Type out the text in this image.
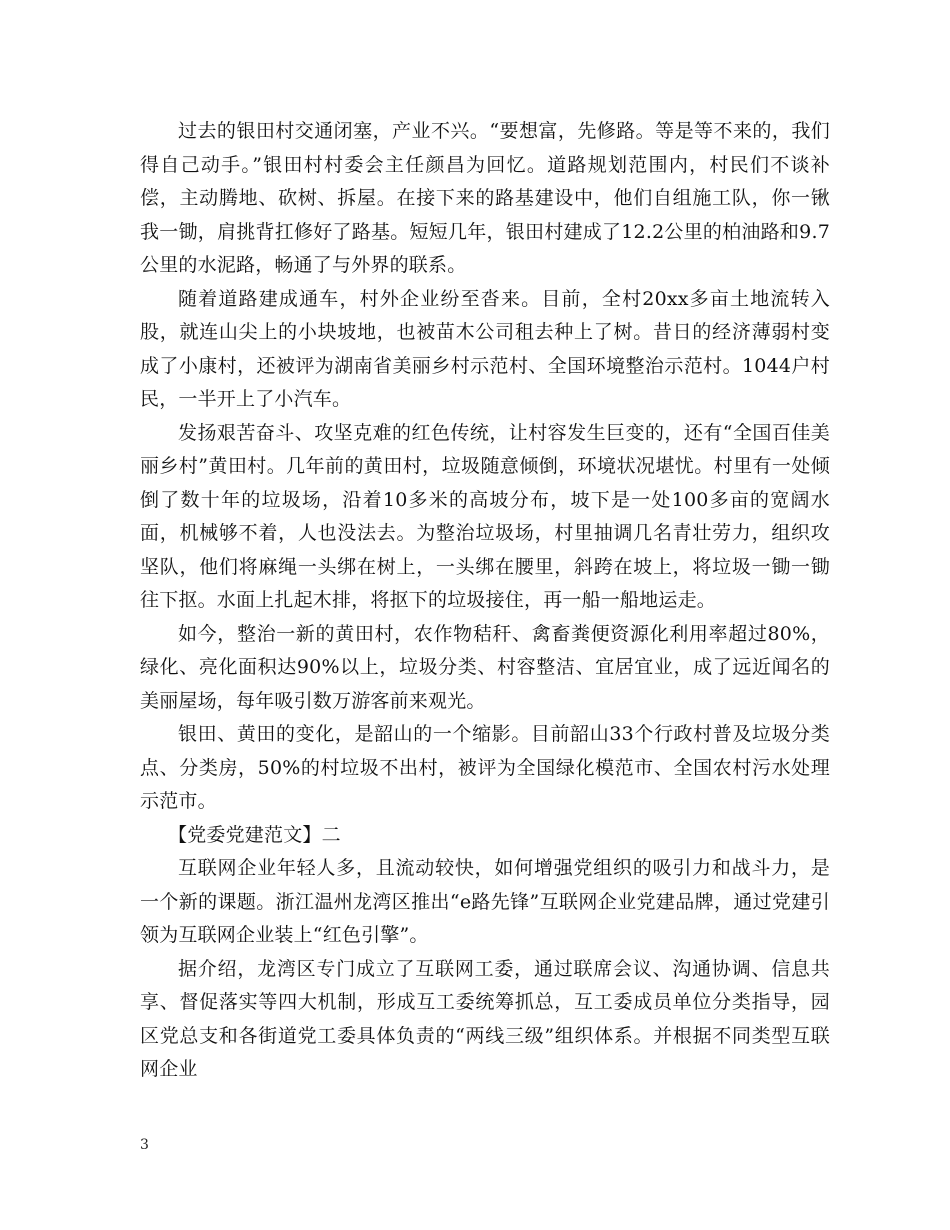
过去的银田村交通闭塞，产业不兴。“要想富，先修路。等是等不来的，我们得自己动手。”银田村村委会主任颜昌为回忆。道路规划范围内，村民们不谈补偿，主动腾地、砍树、拆屋。在接下来的路基建设中，他们自组施工队，你一锹我一锄，肩挑背扛修好了路基。短短几年，银田村建成了12.2公里的柏油路和9.7公里的水泥路，畅通了与外界的联系。

随着道路建成通车，村外企业纷至沓来。目前，全村20xx多亩土地流转入股，就连山尖上的小块坡地，也被苗木公司租去种上了树。昔日的经济薄弱村变成了小康村，还被评为湖南省美丽乡村示范村、全国环境整治示范村。1044户村民，一半开上了小汽车。

发扬艰苦奋斗、攻坚克难的红色传统，让村容发生巨变的，还有“全国百佳美丽乡村”黄田村。几年前的黄田村，垃圾随意倾倒，环境状况堪忧。村里有一处倾倒了数十年的垃圾场，沿着10多米的高坡分布，坡下是一处100多亩的宽阔水面，机械够不着，人也没法去。为整治垃圾场，村里抽调几名青壮劳力，组织攻坚队，他们将麻绳一头绑在树上，一头绑在腰里，斜跨在坡上，将垃圾一锄一锄往下抠。水面上扎起木排，将抠下的垃圾接住，再一船一船地运走。

如今，整治一新的黄田村，农作物秸秆、禽畜粪便资源化利用率超过80%，绿化、亮化面积达90%以上，垃圾分类、村容整洁、宜居宜业，成了远近闻名的美丽屋场，每年吸引数万游客前来观光。

银田、黄田的变化，是韶山的一个缩影。目前韶山33个行政村普及垃圾分类点、分类房，50%的村垃圾不出村，被评为全国绿化模范市、全国农村污水处理示范市。

【党委党建范文】二

互联网企业年轻人多，且流动较快，如何增强党组织的吸引力和战斗力，是一个新的课题。浙江温州龙湾区推出“e路先锋”互联网企业党建品牌，通过党建引领为互联网企业装上“红色引擎”。

据介绍，龙湾区专门成立了互联网工委，通过联席会议、沟通协调、信息共享、督促落实等四大机制，形成互工委统筹抓总，互工委成员单位分类指导，园区党总支和各街道党工委具体负责的“两线三级”组织体系。并根据不同类型互联网企业

3
